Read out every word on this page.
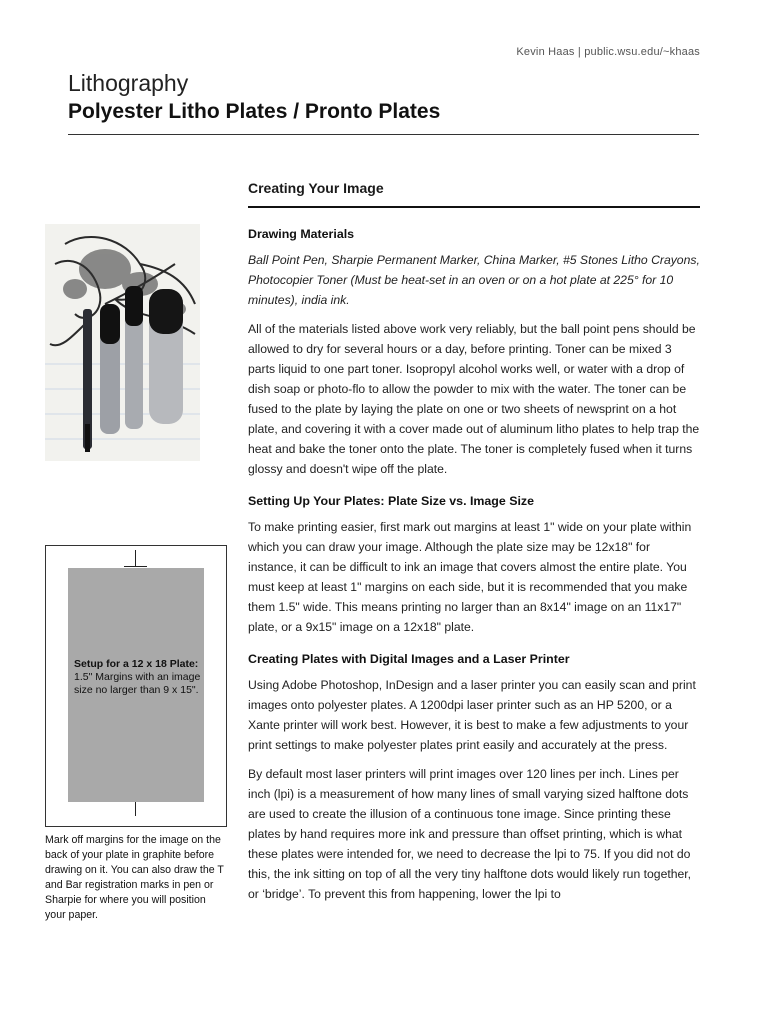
Kevin Haas | public.wsu.edu/~khaas
Lithography
Polyester Litho Plates / Pronto Plates
Creating Your Image
Drawing Materials

Ball Point Pen, Sharpie Permanent Marker, China Marker, #5 Stones Litho Crayons, Photocopier Toner (Must be heat-set in an oven or on a hot plate at 225° for 10 minutes), india ink.

All of the materials listed above work very reliably, but the ball point pens should be allowed to dry for several hours or a day, before printing. Toner can be mixed 3 parts liquid to one part toner. Isopropyl alcohol works well, or water with a drop of dish soap or photo-flo to allow the powder to mix with the water. The toner can be fused to the plate by laying the plate on one or two sheets of newsprint on a hot plate, and covering it with a cover made out of aluminum litho plates to help trap the heat and bake the toner onto the plate. The toner is completely fused when it turns glossy and doesn't wipe off the plate.

Setting Up Your Plates: Plate Size vs. Image Size

To make printing easier, first mark out margins at least 1" wide on your plate within which you can draw your image. Although the plate size may be 12x18" for instance, it can be difficult to ink an image that covers almost the entire plate. You must keep at least 1" margins on each side, but it is recommended that you make them 1.5" wide. This means printing no larger than an 8x14" image on an 11x17" plate, or a 9x15" image on a 12x18" plate.

Creating Plates with Digital Images and a Laser Printer

Using Adobe Photoshop, InDesign and a laser printer you can easily scan and print images onto polyester plates. A 1200dpi laser printer such as an HP 5200, or a Xante printer will work best. However, it is best to make a few adjustments to your print settings to make polyester plates print easily and accurately at the press.

By default most laser printers will print images over 120 lines per inch. Lines per inch (lpi) is a measurement of how many lines of small varying sized halftone dots are used to create the illusion of a continuous tone image. Since printing these plates by hand requires more ink and pressure than offset printing, which is what these plates were intended for, we need to decrease the lpi to 75. If you did not do this, the ink sitting on top of all the very tiny halftone dots would likely run together, or ‘bridge’. To prevent this from happening, lower the lpi to

Setup for a 12 x 18 Plate:
1.5" Margins with an image size no larger than 9 x 15".
Mark off margins for the image on the back of your plate in graphite before drawing on it. You can also draw the T and Bar registration marks in pen or Sharpie for where you will position your paper.
